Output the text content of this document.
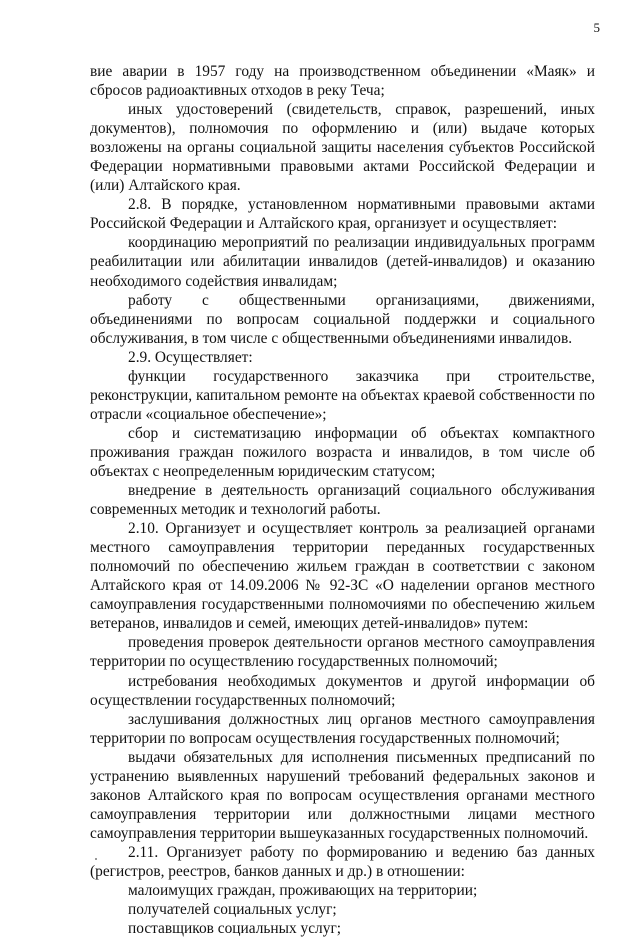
5

вие аварии в 1957 году на производственном объединении «Маяк» и сбросов радиоактивных отходов в реку Теча;

иных удостоверений (свидетельств, справок, разрешений, иных документов), полномочия по оформлению и (или) выдаче которых возложены на органы социальной защиты населения субъектов Российской Федерации нормативными правовыми актами Российской Федерации и (или) Алтайского края.

2.8. В порядке, установленном нормативными правовыми актами Российской Федерации и Алтайского края, организует и осуществляет:

координацию мероприятий по реализации индивидуальных программ реабилитации или абилитации инвалидов (детей-инвалидов) и оказанию необходимого содействия инвалидам;

работу с общественными организациями, движениями, объединениями по вопросам социальной поддержки и социального обслуживания, в том числе с общественными объединениями инвалидов.

2.9. Осуществляет:

функции государственного заказчика при строительстве, реконструкции, капитальном ремонте на объектах краевой собственности по отрасли «социальное обеспечение»;

сбор и систематизацию информации об объектах компактного проживания граждан пожилого возраста и инвалидов, в том числе об объектах с неопределенным юридическим статусом;

внедрение в деятельность организаций социального обслуживания современных методик и технологий работы.

2.10. Организует и осуществляет контроль за реализацией органами местного самоуправления территории переданных государственных полномочий по обеспечению жильем граждан в соответствии с законом Алтайского края от 14.09.2006 № 92-ЗС «О наделении органов местного самоуправления государственными полномочиями по обеспечению жильем ветеранов, инвалидов и семей, имеющих детей-инвалидов» путем:

проведения проверок деятельности органов местного самоуправления территории по осуществлению государственных полномочий;

истребования необходимых документов и другой информации об осуществлении государственных полномочий;

заслушивания должностных лиц органов местного самоуправления территории по вопросам осуществления государственных полномочий;

выдачи обязательных для исполнения письменных предписаний по устранению выявленных нарушений требований федеральных законов и законов Алтайского края по вопросам осуществления органами местного самоуправления территории или должностными лицами местного самоуправления территории вышеуказанных государственных полномочий.

2.11. Организует работу по формированию и ведению баз данных (регистров, реестров, банков данных и др.) в отношении:

малоимущих граждан, проживающих на территории;

получателей социальных услуг;

поставщиков социальных услуг;
